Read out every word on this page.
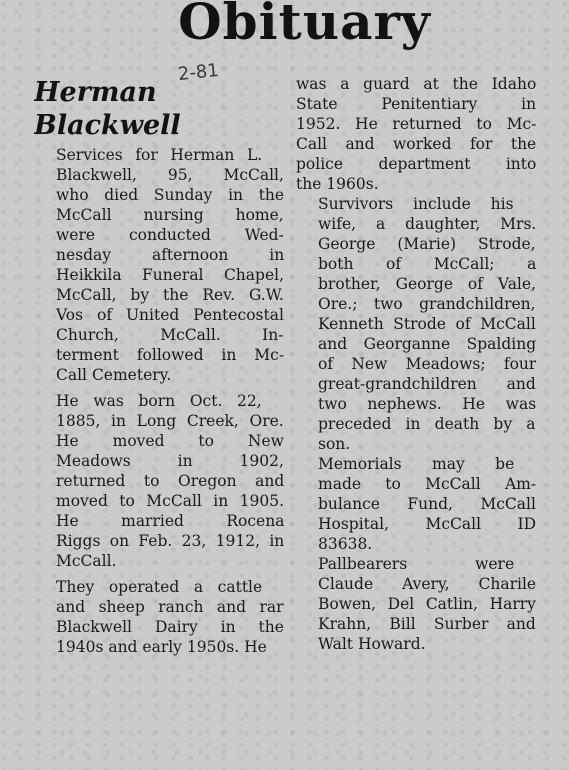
Obituary
2-81
Herman
Blackwell
Services for Herman L.
Blackwell, 95, McCall,
who died Sunday in the
McCall nursing home,
were conducted Wed-
nesday afternoon in
Heikkila Funeral Chapel,
McCall, by the Rev. G.W.
Vos of United Pentecostal
Church, McCall. In-
terment followed in Mc-
Call Cemetery.
He was born Oct. 22,
1885, in Long Creek, Ore.
He moved to New
Meadows in 1902,
returned to Oregon and
moved to McCall in 1905.
He married Rocena
Riggs on Feb. 23, 1912, in
McCall.
They operated a cattle
and sheep ranch and rar
Blackwell Dairy in the
1940s and early 1950s. He
was a guard at the Idaho
State Penitentiary in
1952. He returned to Mc-
Call and worked for the
police department into
the 1960s.
Survivors include his
wife, a daughter, Mrs.
George (Marie) Strode,
both of McCall; a
brother, George of Vale,
Ore.; two grandchildren,
Kenneth Strode of McCall
and Georganne Spalding
of New Meadows; four
great-grandchildren and
two nephews. He was
preceded in death by a
son.
Memorials may be
made to McCall Am-
bulance Fund, McCall
Hospital, McCall ID
83638.
Pallbearers were
Claude Avery, Charile
Bowen, Del Catlin, Harry
Krahn, Bill Surber and
Walt Howard.
